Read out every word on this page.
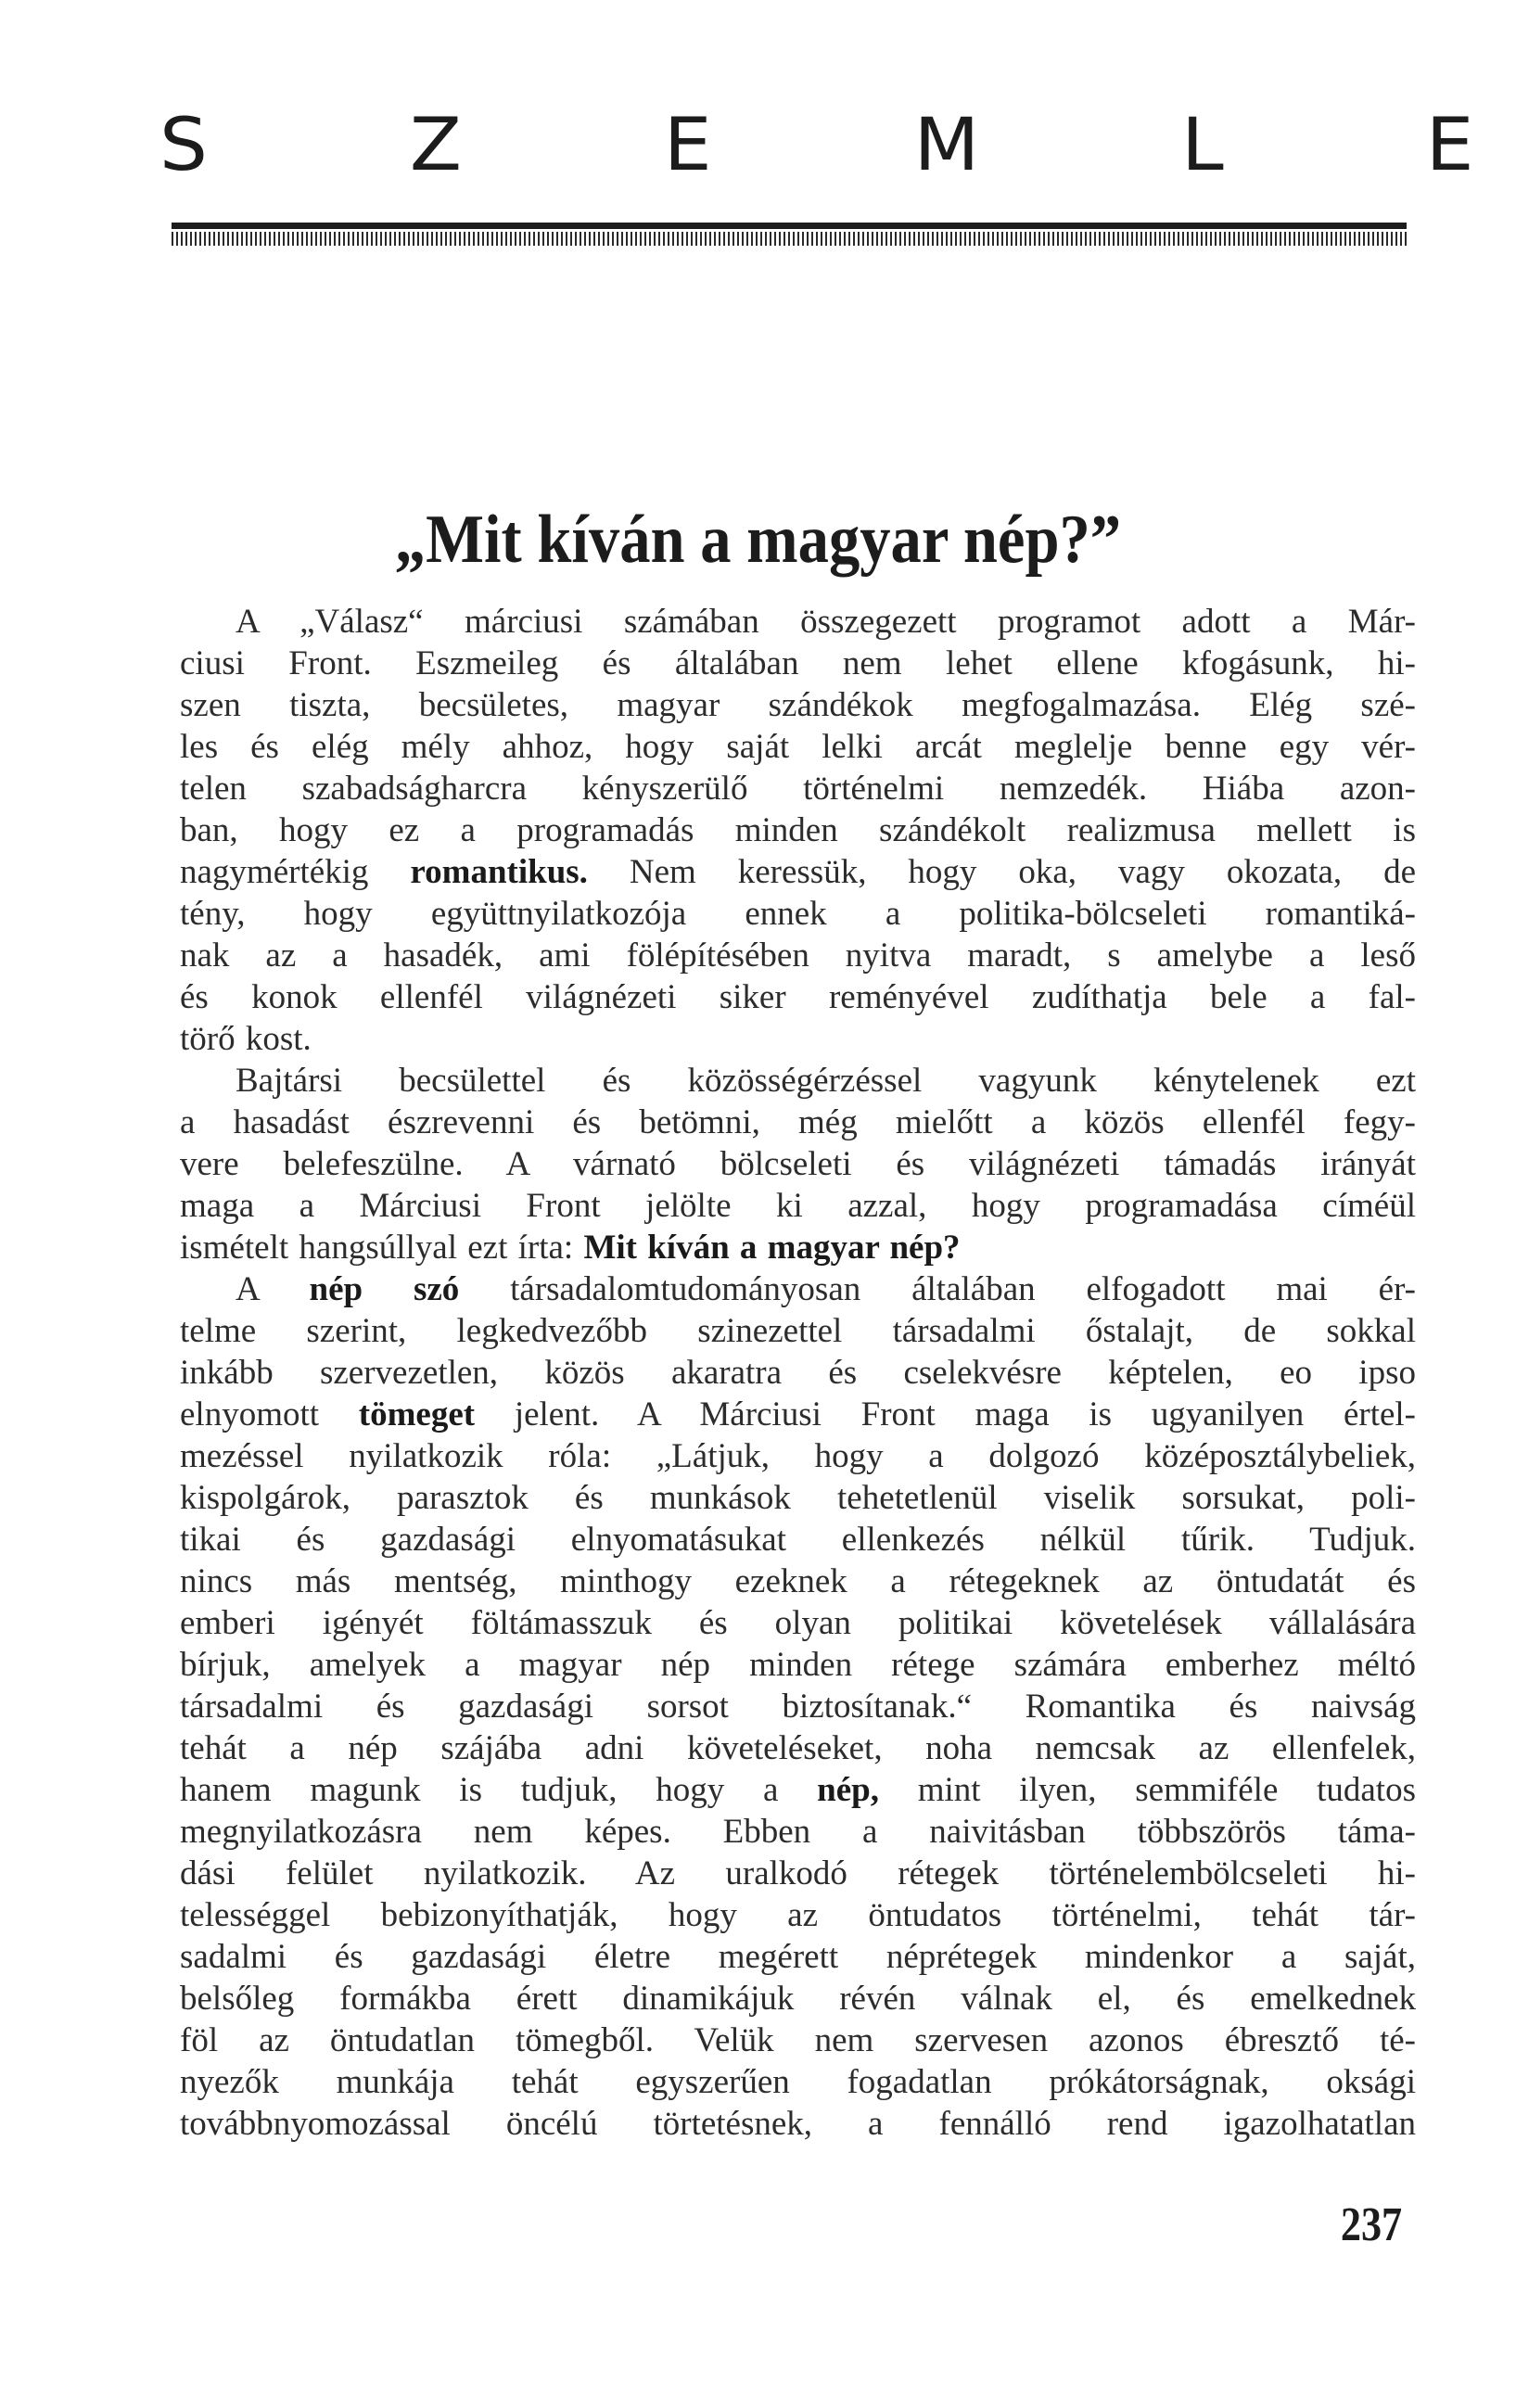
S	Z	E	M	L	E
„Mit kíván a magyar nép?”
A „Válasz“ márciusi számában összegezett programot adott a Már-
ciusi Front. Eszmeileg és általában nem lehet ellene kfogásunk, hi-
szen tiszta, becsületes, magyar szándékok megfogalmazása. Elég szé-
les és elég mély ahhoz, hogy saját lelki arcát meglelje benne egy vér-
telen szabadságharcra kényszerülő történelmi nemzedék. Hiába azon-
ban, hogy ez a programadás minden szándékolt realizmusa mellett is
nagymértékig romantikus. Nem keressük, hogy oka, vagy okozata, de
tény, hogy együttnyilatkozója ennek a politika-bölcseleti romantiká-
nak az a hasadék, ami fölépítésében nyitva maradt, s amelybe a leső
és konok ellenfél világnézeti siker reményével zudíthatja bele a fal-
törő kost.
Bajtársi becsülettel és közösségérzéssel vagyunk kénytelenek ezt
a hasadást észrevenni és betömni, még mielőtt a közös ellenfél fegy-
vere belefeszülne. A várnató bölcseleti és világnézeti támadás irányát
maga a Márciusi Front jelölte ki azzal, hogy programadása címéül
ismételt hangsúllyal ezt írta: Mit kíván a magyar nép?
A nép szó társadalomtudományosan általában elfogadott mai ér-
telme szerint, legkedvezőbb szinezettel társadalmi őstalajt, de sokkal
inkább szervezetlen, közös akaratra és cselekvésre képtelen, eo ipso
elnyomott tömeget jelent. A Márciusi Front maga is ugyanilyen értel-
mezéssel nyilatkozik róla: „Látjuk, hogy a dolgozó középosztálybeliek,
kispolgárok, parasztok és munkások tehetetlenül viselik sorsukat, poli-
tikai és gazdasági elnyomatásukat ellenkezés nélkül tűrik. Tudjuk.
nincs más mentség, minthogy ezeknek a rétegeknek az öntudatát és
emberi igényét föltámasszuk és olyan politikai követelések vállalására
bírjuk, amelyek a magyar nép minden rétege számára emberhez méltó
társadalmi és gazdasági sorsot biztosítanak.“ Romantika és naivság
tehát a nép szájába adni követeléseket, noha nemcsak az ellenfelek,
hanem magunk is tudjuk, hogy a nép, mint ilyen, semmiféle tudatos
megnyilatkozásra nem képes. Ebben a naivitásban többszörös táma-
dási felület nyilatkozik. Az uralkodó rétegek történelembölcseleti hi-
telességgel bebizonyíthatják, hogy az öntudatos történelmi, tehát tár-
sadalmi és gazdasági életre megérett néprétegek mindenkor a saját,
belsőleg formákba érett dinamikájuk révén válnak el, és emelkednek
föl az öntudatlan tömegből. Velük nem szervesen azonos ébresztő té-
nyezők munkája tehát egyszerűen fogadatlan prókátorságnak, oksági
továbbnyomozással öncélú törtetésnek, a fennálló rend igazolhatatlan
237
